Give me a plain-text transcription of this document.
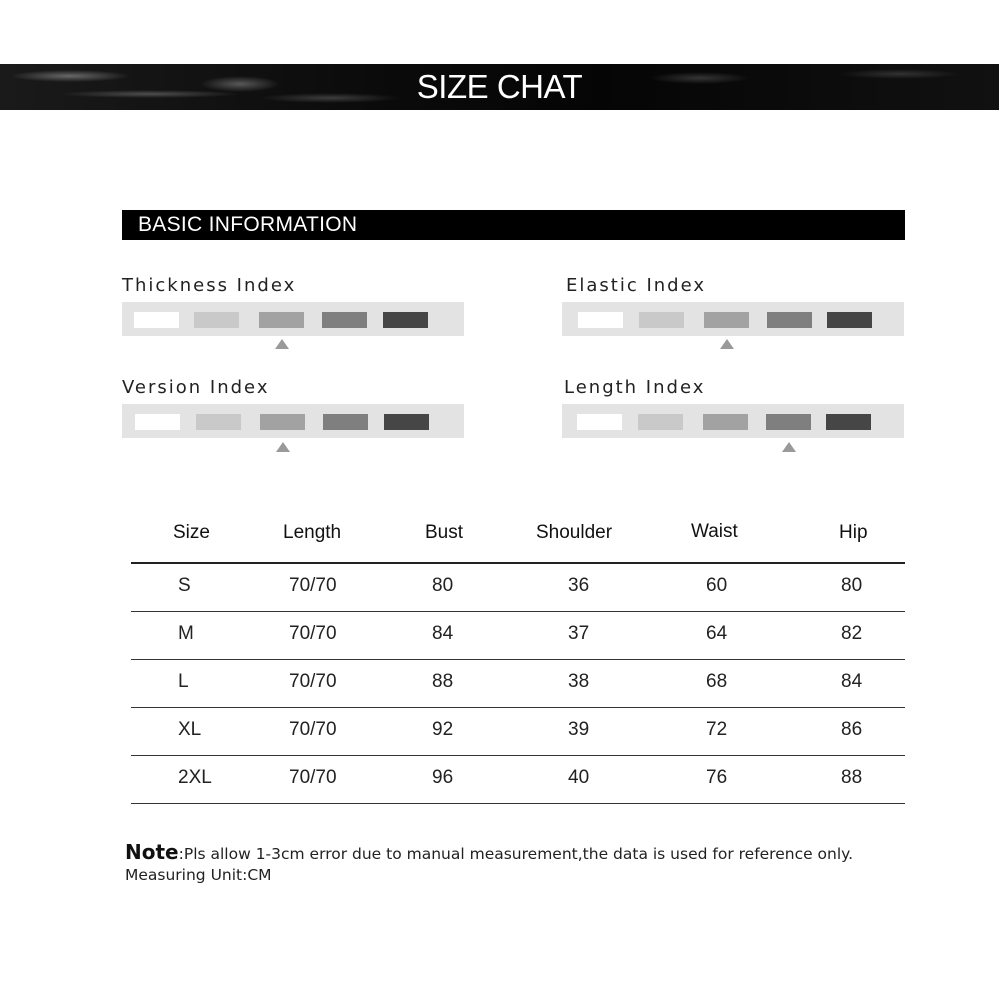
SIZE CHAT
BASIC INFORMATION
Thickness Index	Elastic Index
Version Index	Length Index
Size	Length	Bust	Shoulder	Waist	Hip
S	70/70	80	36	60	80
M	70/70	84	37	64	82
L	70/70	88	38	68	84
XL	70/70	92	39	72	86
2XL	70/70	96	40	76	88
Note:Pls allow 1-3cm error due to manual measurement,the data is used for reference only.
Measuring Unit:CM
